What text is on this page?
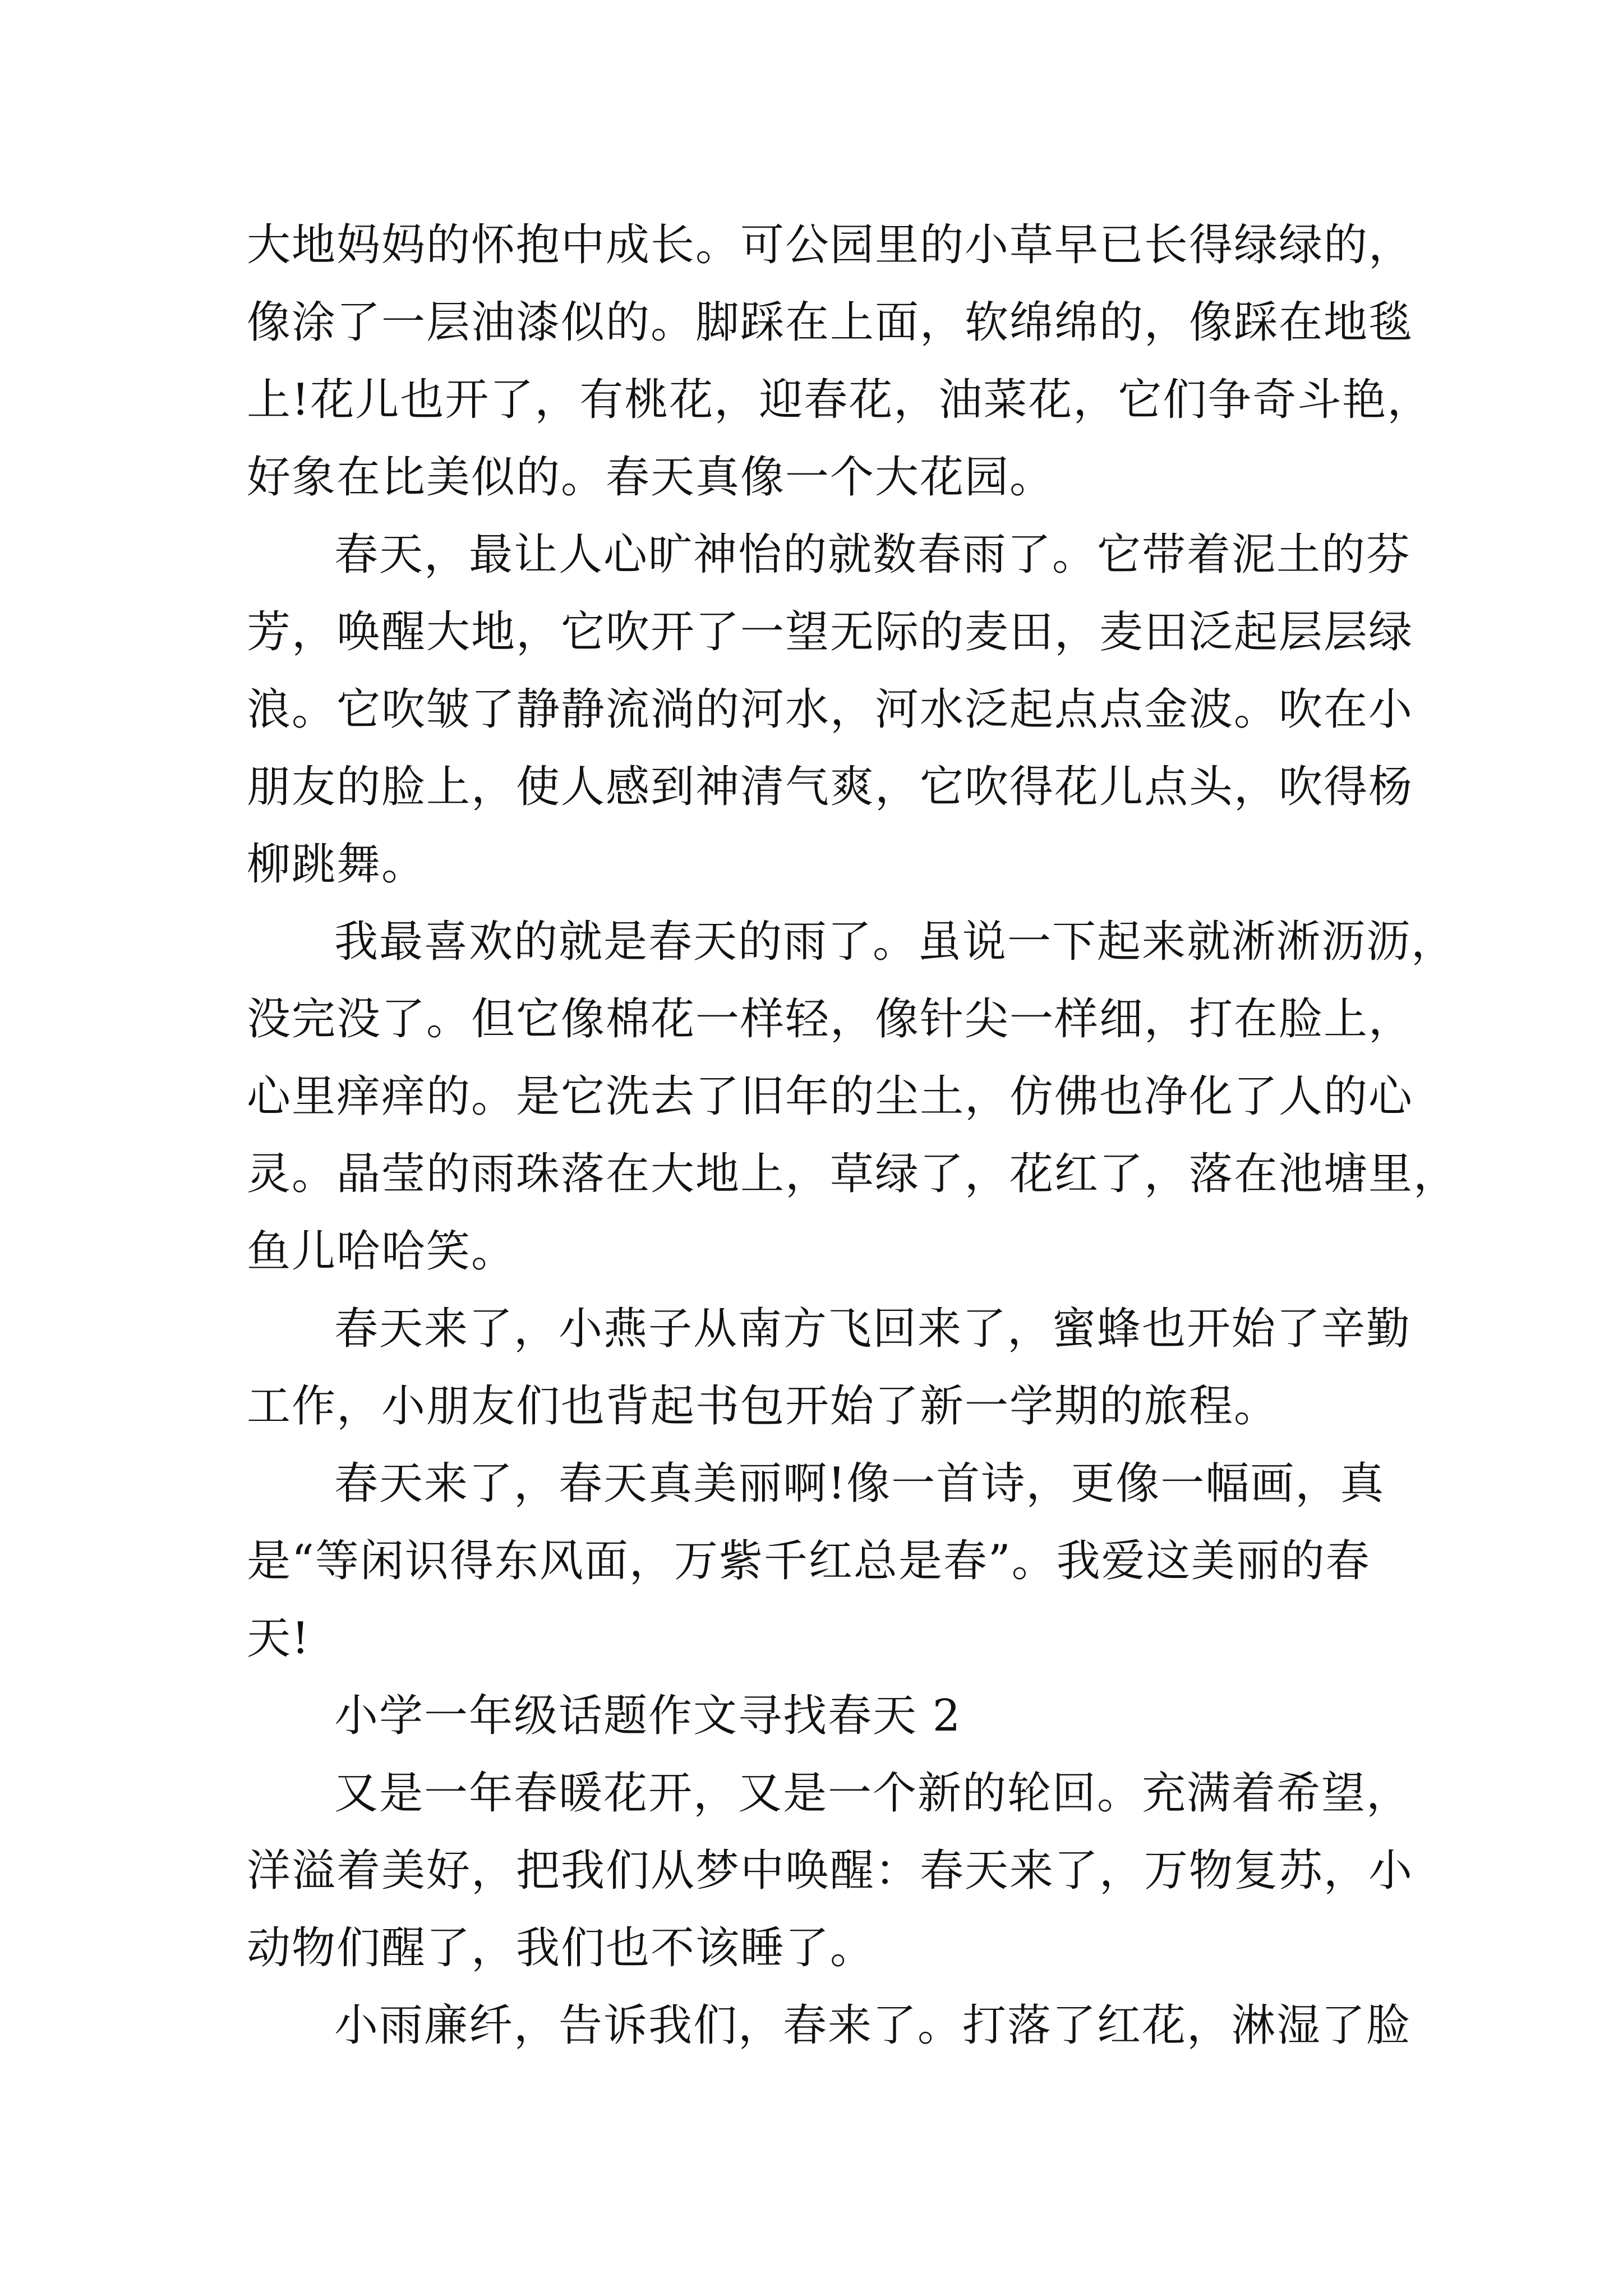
大地妈妈的怀抱中成长。可公园里的小草早已长得绿绿的，
像涂了一层油漆似的。脚踩在上面，软绵绵的，像踩在地毯
上!花儿也开了，有桃花，迎春花，油菜花，它们争奇斗艳，
好象在比美似的。春天真像一个大花园。
春天，最让人心旷神怡的就数春雨了。它带着泥土的芬
芳，唤醒大地，它吹开了一望无际的麦田，麦田泛起层层绿
浪。它吹皱了静静流淌的河水，河水泛起点点金波。吹在小
朋友的脸上，使人感到神清气爽，它吹得花儿点头，吹得杨
柳跳舞。
我最喜欢的就是春天的雨了。虽说一下起来就淅淅沥沥，
没完没了。但它像棉花一样轻，像针尖一样细，打在脸上，
心里痒痒的。是它洗去了旧年的尘土，仿佛也净化了人的心
灵。晶莹的雨珠落在大地上，草绿了，花红了，落在池塘里，
鱼儿哈哈笑。
春天来了，小燕子从南方飞回来了，蜜蜂也开始了辛勤
工作，小朋友们也背起书包开始了新一学期的旅程。
春天来了，春天真美丽啊!像一首诗，更像一幅画，真
是“等闲识得东风面，万紫千红总是春”。我爱这美丽的春
天!
小学一年级话题作文寻找春天 2
又是一年春暖花开，又是一个新的轮回。充满着希望，
洋溢着美好，把我们从梦中唤醒：春天来了，万物复苏，小
动物们醒了，我们也不该睡了。
小雨廉纤，告诉我们，春来了。打落了红花，淋湿了脸
